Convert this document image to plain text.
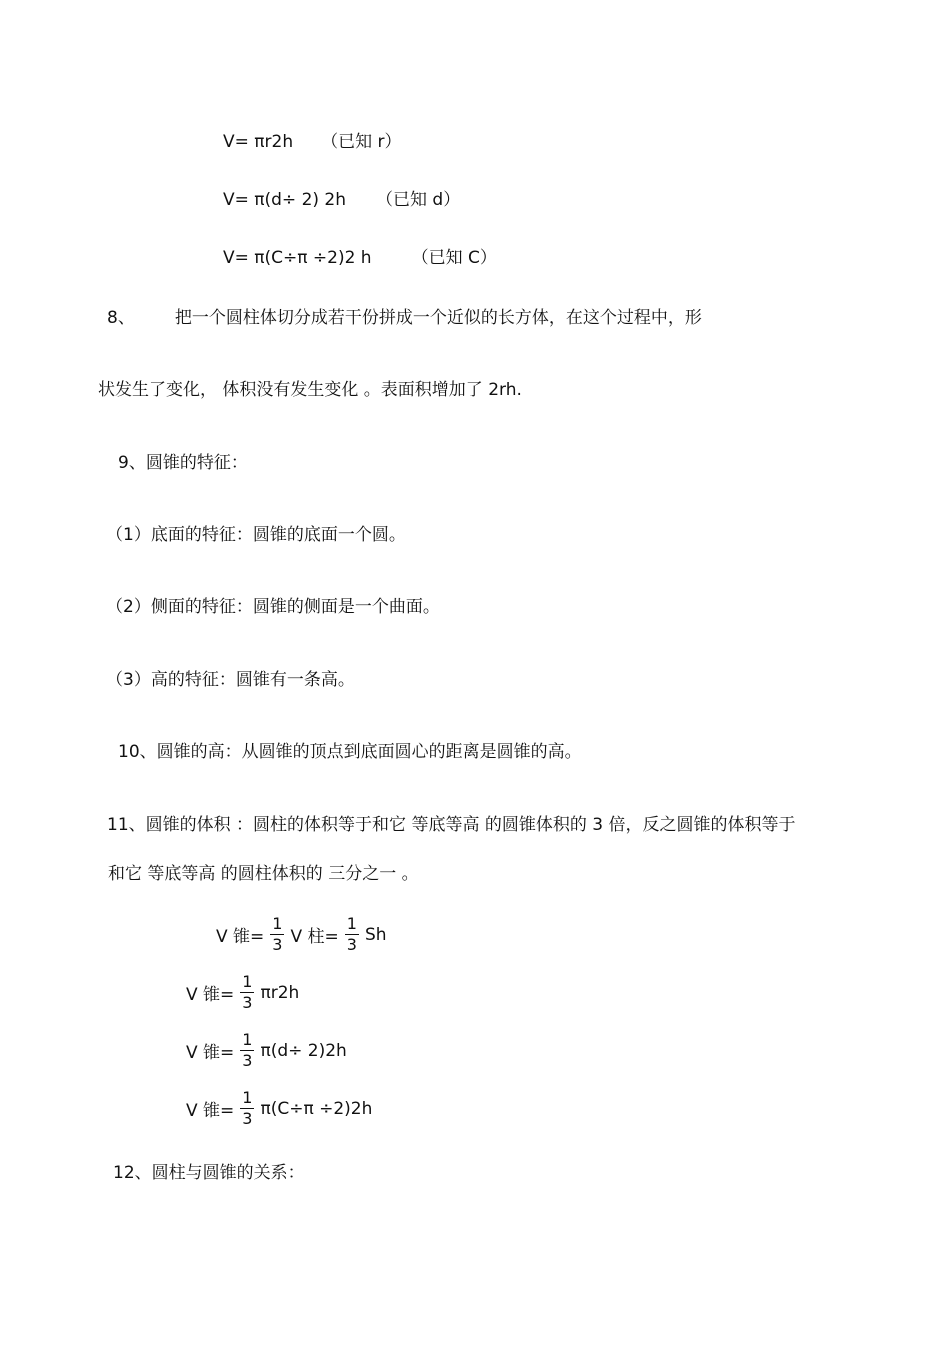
V= πr2h （已知 r）
V= π(d÷ 2) 2h （已知 d）
V= π(C÷π ÷2)2 h （已知 C）
8、 把一个圆柱体切分成若干份拼成一个近似的长方体，在这个过程中，形
状发生了变化， 体积没有发生变化 。表面积增加了 2rh.
9、圆锥的特征：
（1）底面的特征：圆锥的底面一个圆。
（2）侧面的特征：圆锥的侧面是一个曲面。
（3）高的特征：圆锥有一条高。
10、圆锥的高：从圆锥的顶点到底面圆心的距离是圆锥的高。
11、圆锥的体积 ：圆柱的体积等于和它 等底等高 的圆锥体积的 3 倍，反之圆锥的体积等于
和它 等底等高 的圆柱体积的 三分之一 。
V 锥= $\frac{1}{3}$ V 柱= $\frac{1}{3}$ Sh
V 锥= $\frac{1}{3} \pi r2h$
V 锥= $\frac{1}{3} \pi(d\div 2)2h$
V 锥= $\frac{1}{3} \pi(C\div\pi \div 2)2h$
12、圆柱与圆锥的关系：
